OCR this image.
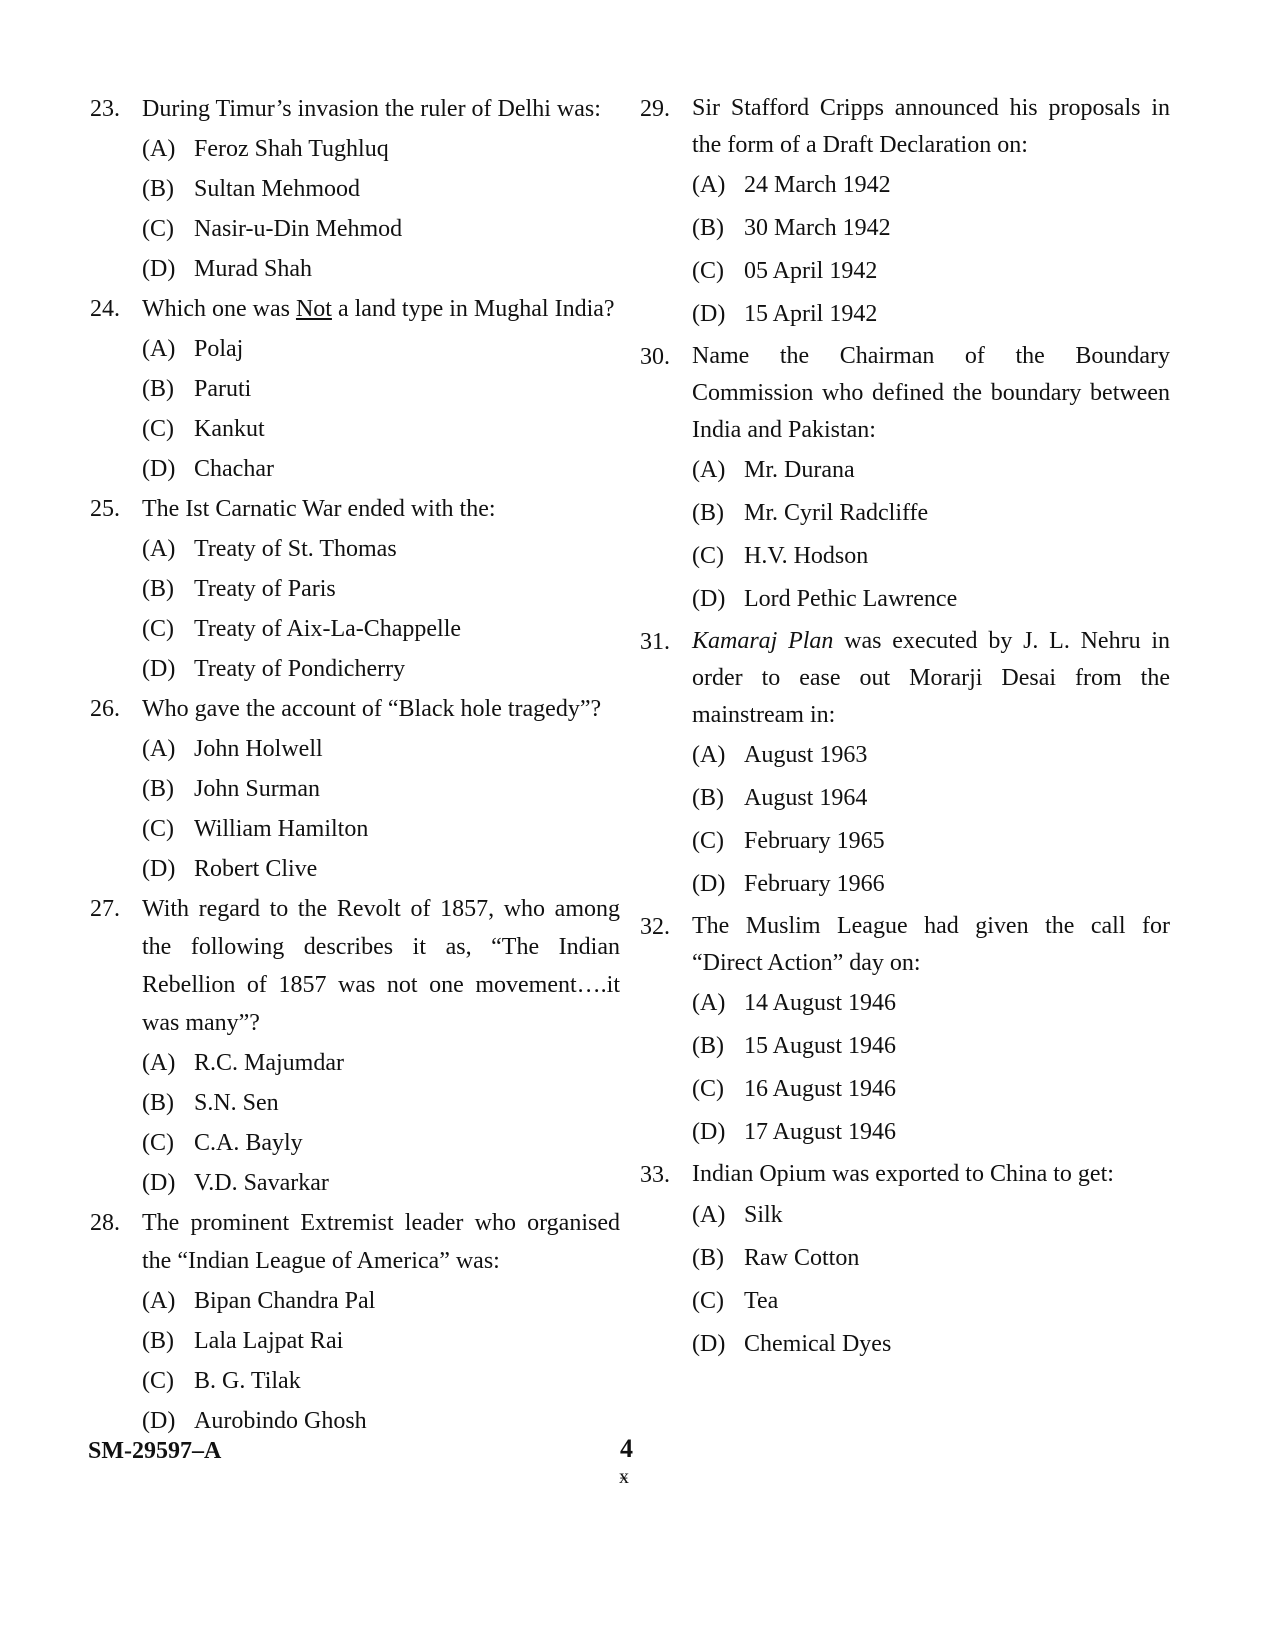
23. During Timur’s invasion the ruler of Delhi was:
(A) Feroz Shah Tughluq
(B) Sultan Mehmood
(C) Nasir-u-Din Mehmod
(D) Murad Shah
24. Which one was Not a land type in Mughal India?
(A) Polaj
(B) Paruti
(C) Kankut
(D) Chachar
25. The Ist Carnatic War ended with the:
(A) Treaty of St. Thomas
(B) Treaty of Paris
(C) Treaty of Aix-La-Chappelle
(D) Treaty of Pondicherry
26. Who gave the account of “Black hole tragedy”?
(A) John Holwell
(B) John Surman
(C) William Hamilton
(D) Robert Clive
27. With regard to the Revolt of 1857, who among the following describes it as, “The Indian Rebellion of 1857 was not one movement….it was many”?
(A) R.C. Majumdar
(B) S.N. Sen
(C) C.A. Bayly
(D) V.D. Savarkar
28. The prominent Extremist leader who organised the “Indian League of America” was:
(A) Bipan Chandra Pal
(B) Lala Lajpat Rai
(C) B. G. Tilak
(D) Aurobindo Ghosh
29. Sir Stafford Cripps announced his proposals in the form of a Draft Declaration on:
(A) 24 March 1942
(B) 30 March 1942
(C) 05 April 1942
(D) 15 April 1942
30. Name the Chairman of the Boundary Commission who defined the boundary between India and Pakistan:
(A) Mr. Durana
(B) Mr. Cyril Radcliffe
(C) H.V. Hodson
(D) Lord Pethic Lawrence
31. Kamaraj Plan was executed by J. L. Nehru in order to ease out Morarji Desai from the mainstream in:
(A) August 1963
(B) August 1964
(C) February 1965
(D) February 1966
32. The Muslim League had given the call for “Direct Action” day on:
(A) 14 August 1946
(B) 15 August 1946
(C) 16 August 1946
(D) 17 August 1946
33. Indian Opium was exported to China to get:
(A) Silk
(B) Raw Cotton
(C) Tea
(D) Chemical Dyes
SM-29597–A	4
ӿ
